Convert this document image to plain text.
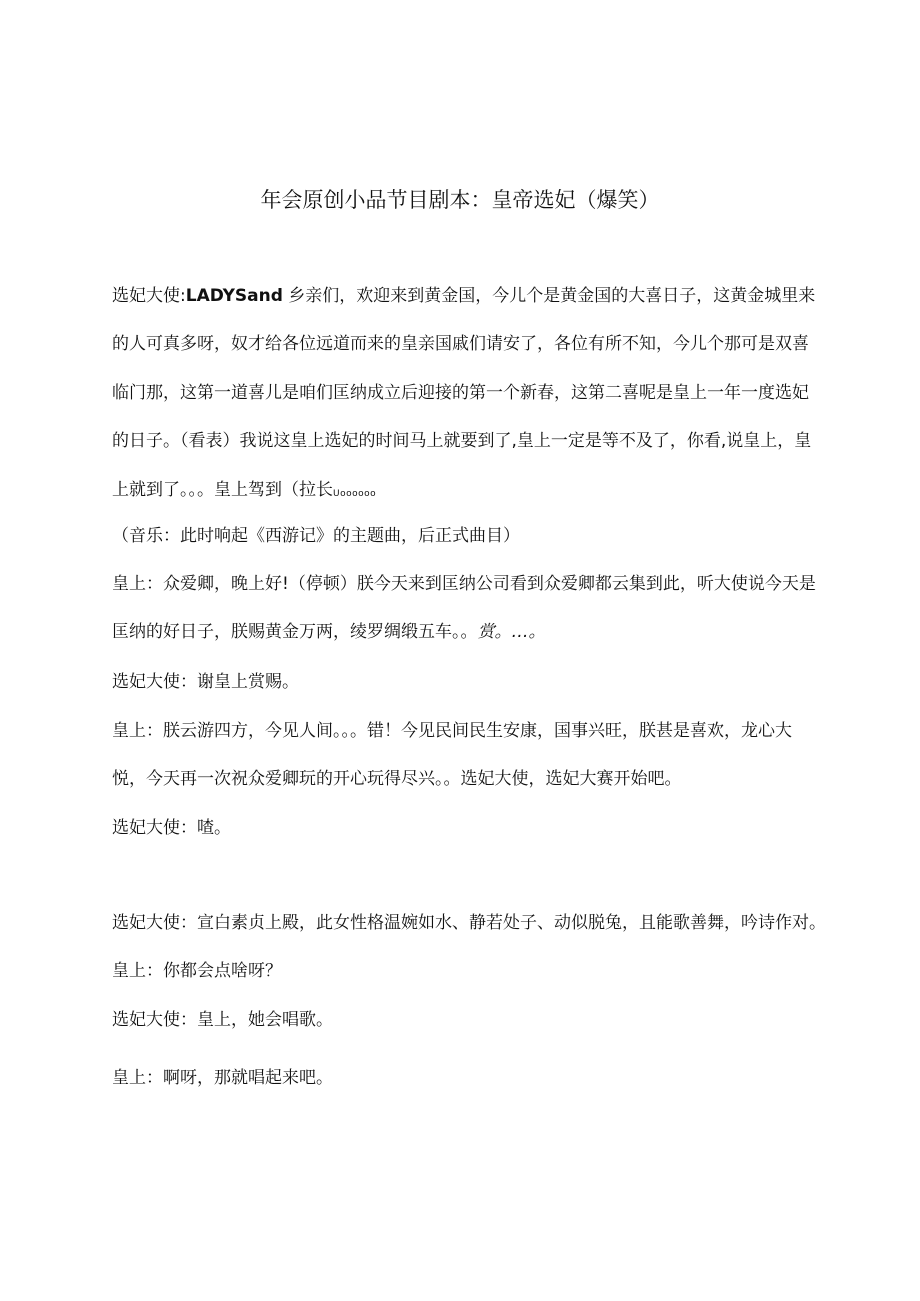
年会原创小品节目剧本：皇帝选妃（爆笑）
选妃大使:LADYSand 乡亲们，欢迎来到黄金国，今儿个是黄金国的大喜日子，这黄金城里来
的人可真多呀，奴才给各位远道而来的皇亲国戚们请安了，各位有所不知，今儿个那可是双喜
临门那，这第一道喜儿是咱们匡纳成立后迎接的第一个新春，这第二喜呢是皇上一年一度选妃
的日子。（看表）我说这皇上选妃的时间马上就要到了,皇上一定是等不及了，你看,说皇上，皇
上就到了。。。皇上驾到（拉长Uoooooo
（音乐：此时响起《西游记》的主题曲，后正式曲目）
皇上：众爱卿，晚上好!（停顿）朕今天来到匡纳公司看到众爱卿都云集到此，听大使说今天是
匡纳的好日子，朕赐黄金万两，绫罗绸缎五车。。赏。…。
选妃大使：谢皇上赏赐。
皇上：朕云游四方，今见人间。。。错！今见民间民生安康，国事兴旺，朕甚是喜欢，龙心大
悦，今天再一次祝众爱卿玩的开心玩得尽兴。。选妃大使，选妃大赛开始吧。
选妃大使：喳。
选妃大使：宣白素贞上殿，此女性格温婉如水、静若处子、动似脱兔，且能歌善舞，吟诗作对。
皇上：你都会点啥呀？
选妃大使：皇上，她会唱歌。
皇上：啊呀，那就唱起来吧。
